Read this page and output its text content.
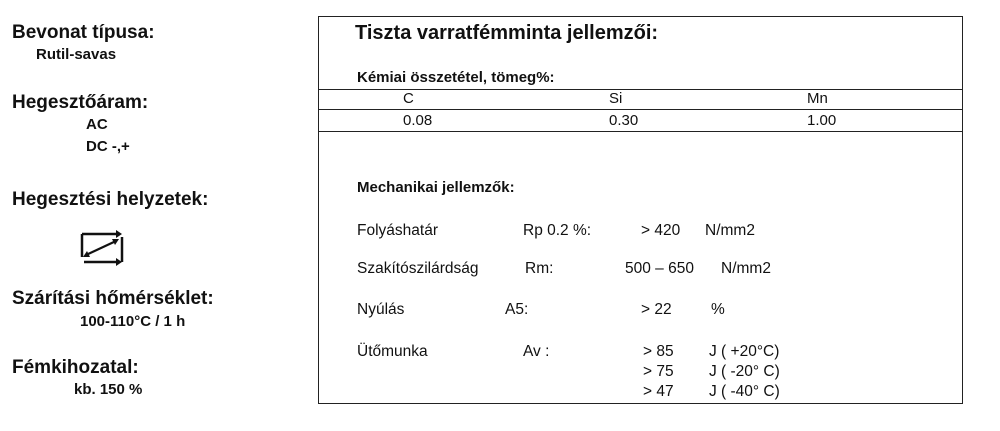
Bevonat típusa:
Rutil-savas
Hegesztőáram:
AC
DC -,+
Hegesztési helyzetek:
Szárítási hőmérséklet:
100-110°C / 1 h
Fémkihozatal:
kb. 150 %
Tiszta varratfémminta jellemzői:
Kémiai összetétel, tömeg%:
C	Si	Mn
0.08	0.30	1.00
Mechanikai jellemzők:
Folyáshatár	Rp 0.2 %:	> 420 N/mm2
Szakítószilárdság	Rm:	500 – 650 N/mm2
Nyúlás	A5:	> 22	%
Ütőmunka	Av :	> 85 J ( +20°C)
> 75 J ( -20° C)
> 47 J ( -40° C)
